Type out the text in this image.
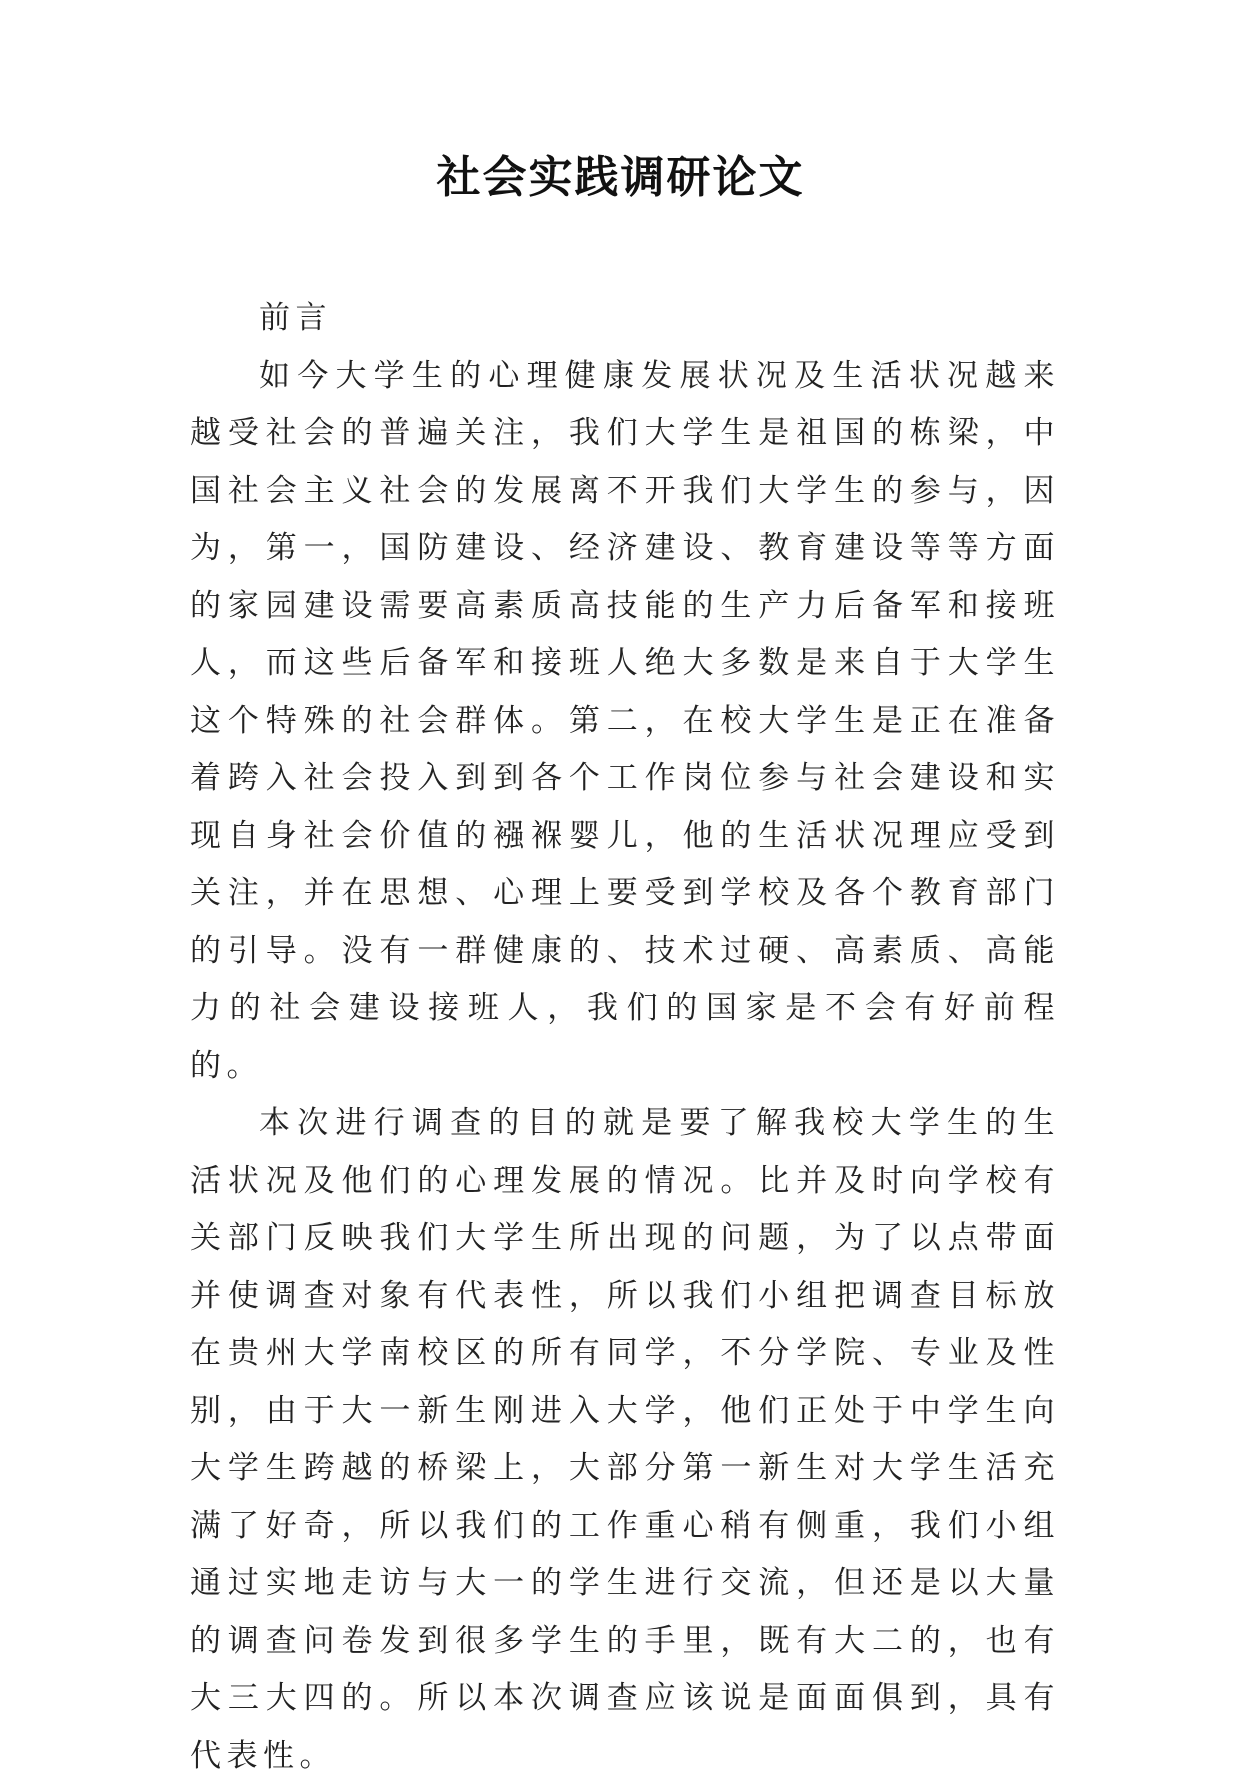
社会实践调研论文

前言

如今大学生的心理健康发展状况及生活状况越来越受社会的普遍关注，我们大学生是祖国的栋梁，中国社会主义社会的发展离不开我们大学生的参与，因为，第一，国防建设、经济建设、教育建设等等方面的家园建设需要高素质高技能的生产力后备军和接班人，而这些后备军和接班人绝大多数是来自于大学生这个特殊的社会群体。第二，在校大学生是正在准备着跨入社会投入到到各个工作岗位参与社会建设和实现自身社会价值的襁褓婴儿，他的生活状况理应受到关注，并在思想、心理上要受到学校及各个教育部门的引导。没有一群健康的、技术过硬、高素质、高能力的社会建设接班人，我们的国家是不会有好前程的。

本次进行调查的目的就是要了解我校大学生的生活状况及他们的心理发展的情况。比并及时向学校有关部门反映我们大学生所出现的问题，为了以点带面并使调查对象有代表性，所以我们小组把调查目标放在贵州大学南校区的所有同学，不分学院、专业及性别，由于大一新生刚进入大学，他们正处于中学生向大学生跨越的桥梁上，大部分第一新生对大学生活充满了好奇，所以我们的工作重心稍有侧重，我们小组通过实地走访与大一的学生进行交流，但还是以大量的调查问卷发到很多学生的手里，既有大二的，也有大三大四的。所以本次调查应该说是面面俱到，具有代表性。
